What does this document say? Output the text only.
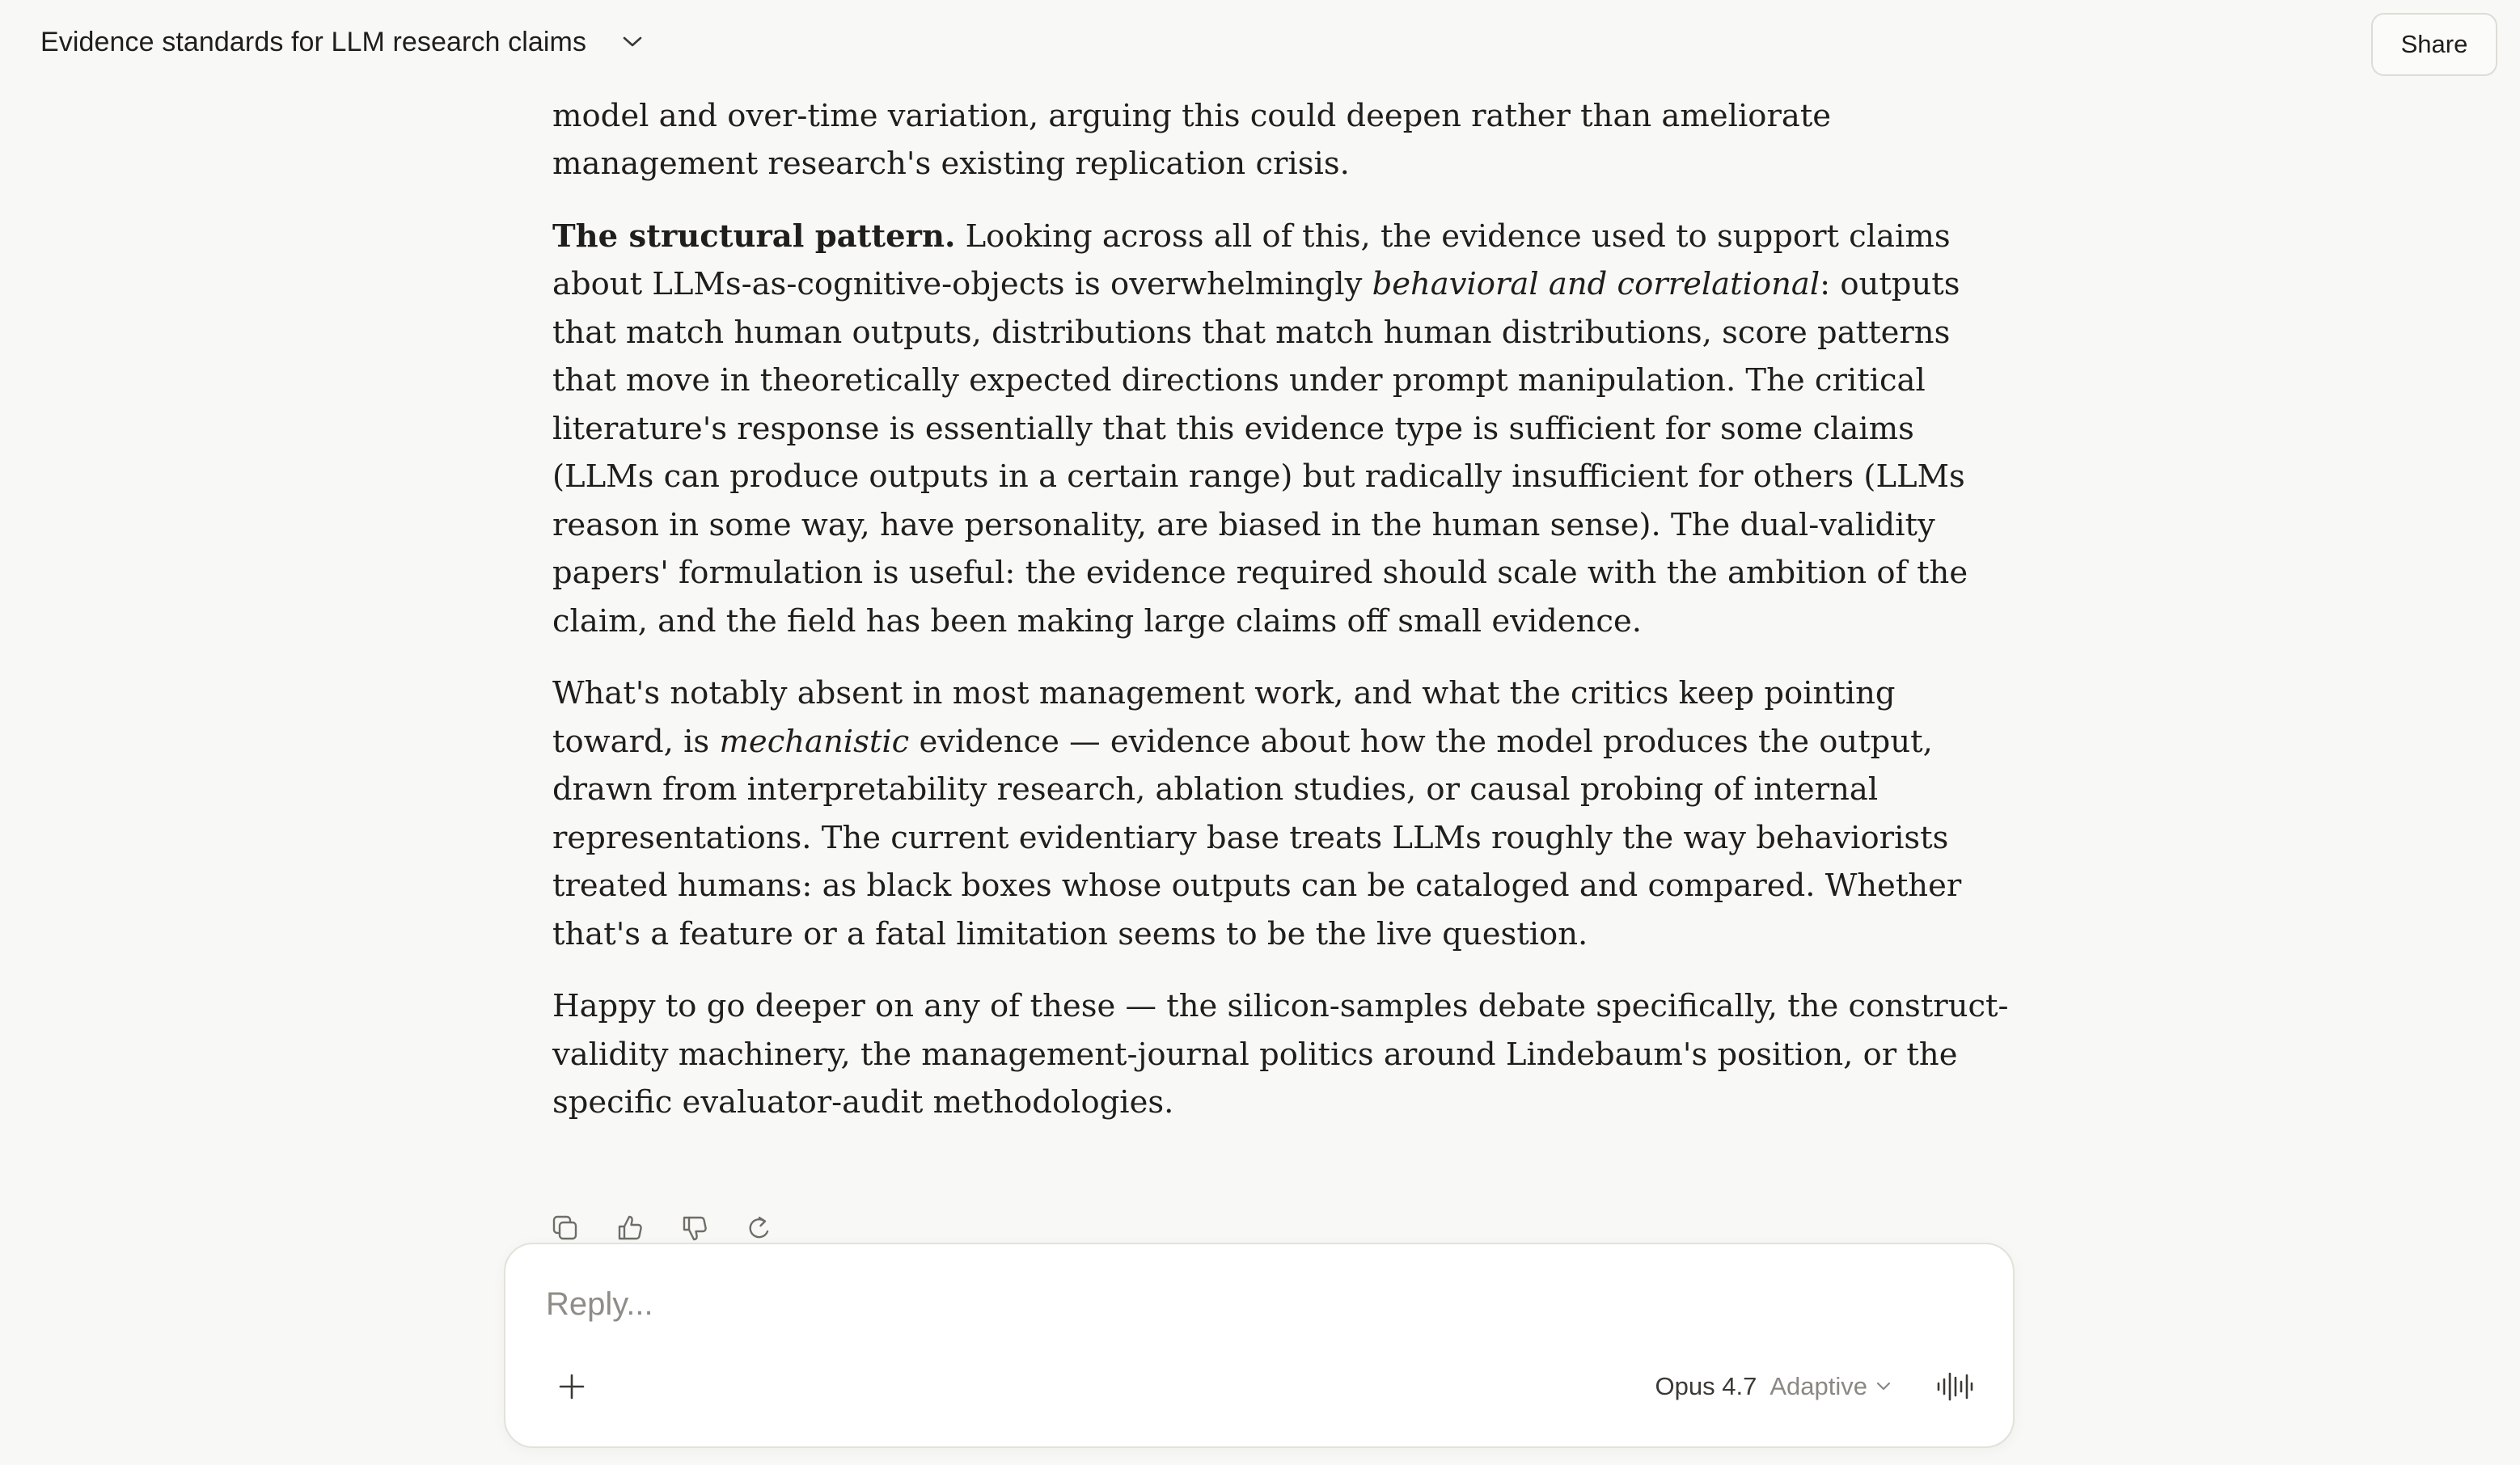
Evidence standards for LLM research claims	Share

model and over-time variation, arguing this could deepen rather than ameliorate
management research's existing replication crisis.

The structural pattern. Looking across all of this, the evidence used to support claims
about LLMs-as-cognitive-objects is overwhelmingly behavioral and correlational: outputs
that match human outputs, distributions that match human distributions, score patterns
that move in theoretically expected directions under prompt manipulation. The critical
literature's response is essentially that this evidence type is sufficient for some claims
(LLMs can produce outputs in a certain range) but radically insufficient for others (LLMs
reason in some way, have personality, are biased in the human sense). The dual-validity
papers' formulation is useful: the evidence required should scale with the ambition of the
claim, and the field has been making large claims off small evidence.

What's notably absent in most management work, and what the critics keep pointing
toward, is mechanistic evidence — evidence about how the model produces the output,
drawn from interpretability research, ablation studies, or causal probing of internal
representations. The current evidentiary base treats LLMs roughly the way behaviorists
treated humans: as black boxes whose outputs can be cataloged and compared. Whether
that's a feature or a fatal limitation seems to be the live question.

Happy to go deeper on any of these — the silicon-samples debate specifically, the construct-
validity machinery, the management-journal politics around Lindebaum's position, or the
specific evaluator-audit methodologies.

Reply...
Opus 4.7 Adaptive
